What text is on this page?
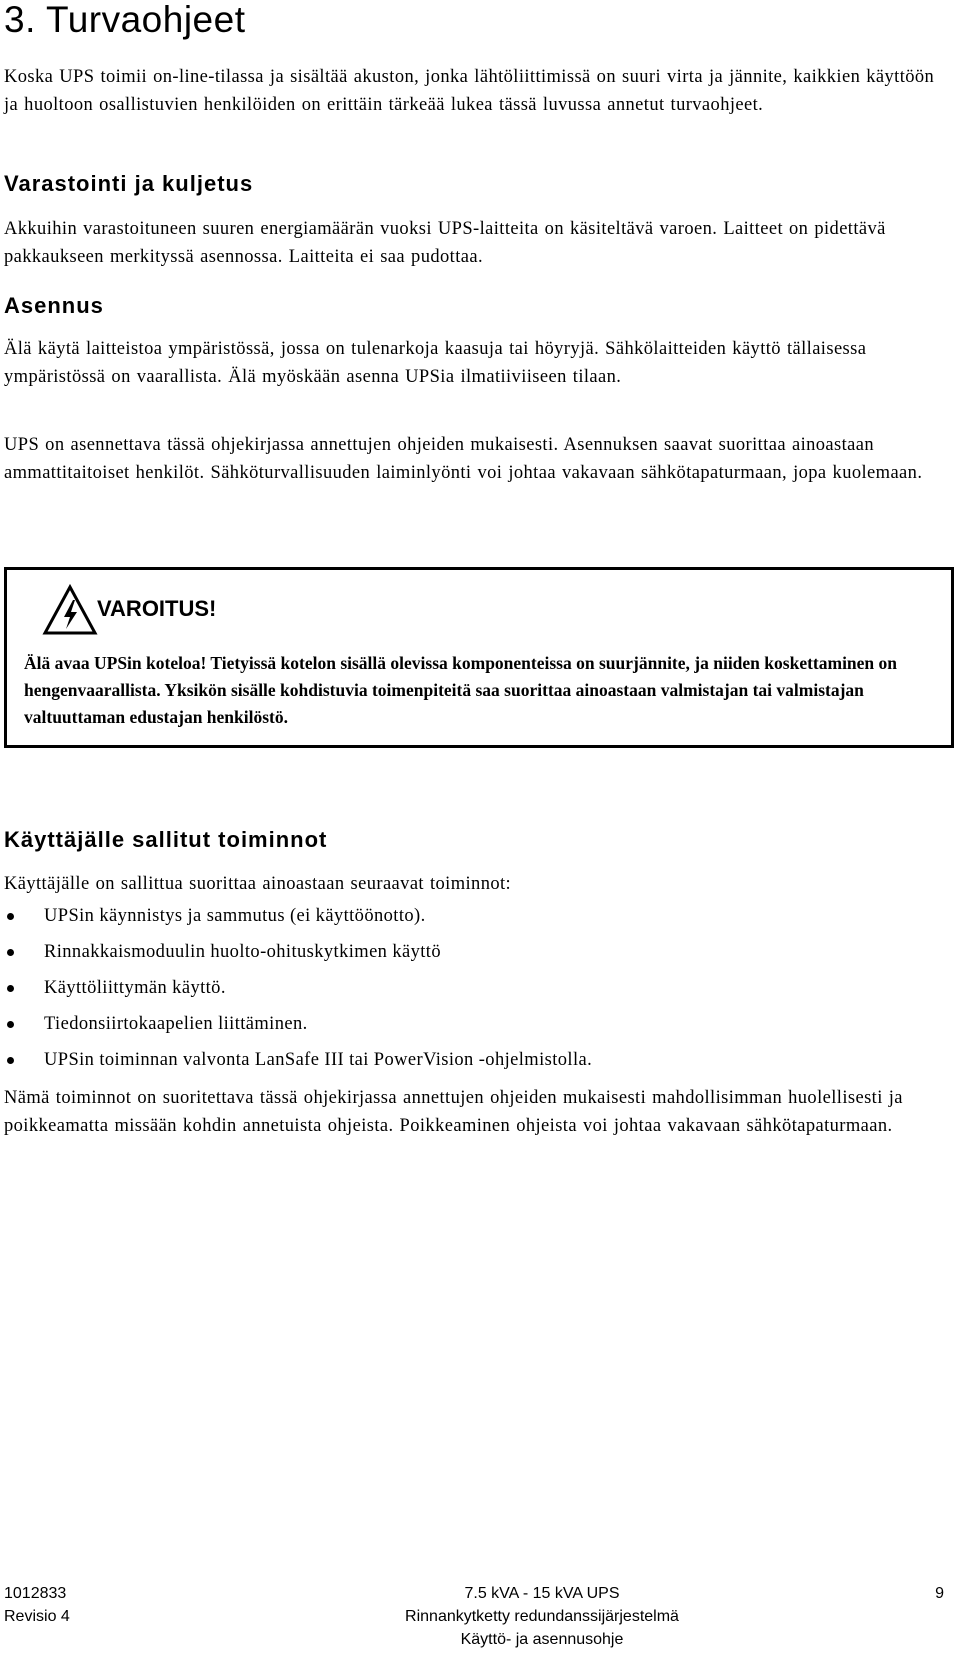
3. Turvaohjeet

Koska UPS toimii on-line-tilassa ja sisältää akuston, jonka lähtöliittimissä on suuri virta ja jännite, kaikkien käyttöön ja huoltoon osallistuvien henkilöiden on erittäin tärkeää lukea tässä luvussa annetut turvaohjeet.

Varastointi ja kuljetus

Akkuihin varastoituneen suuren energiamäärän vuoksi UPS-laitteita on käsiteltävä varoen. Laitteet on pidettävä pakkaukseen merkityssä asennossa. Laitteita ei saa pudottaa.

Asennus

Älä käytä laitteistoa ympäristössä, jossa on tulenarkoja kaasuja tai höyryjä. Sähkölaitteiden käyttö tällaisessa ympäristössä on vaarallista. Älä myöskään asenna UPSia ilmatiiviiseen tilaan.

UPS on asennettava tässä ohjekirjassa annettujen ohjeiden mukaisesti. Asennuksen saavat suorittaa ainoastaan ammattitaitoiset henkilöt. Sähköturvallisuuden laiminlyönti voi johtaa vakavaan sähkötapaturmaan, jopa kuolemaan.

VAROITUS!

Älä avaa UPSin koteloa! Tietyissä kotelon sisällä olevissa komponenteissa on suurjännite, ja niiden koskettaminen on hengenvaarallista. Yksikön sisälle kohdistuvia toimenpiteitä saa suorittaa ainoastaan valmistajan tai valmistajan valtuuttaman edustajan henkilöstö.

Käyttäjälle sallitut toiminnot

Käyttäjälle on sallittua suorittaa ainoastaan seuraavat toiminnot:

UPSin käynnistys ja sammutus (ei käyttöönotto).
Rinnakkaismoduulin huolto-ohituskytkimen käyttö
Käyttöliittymän käyttö.
Tiedonsiirtokaapelien liittäminen.
UPSin toiminnan valvonta LanSafe III tai PowerVision -ohjelmistolla.

Nämä toiminnot on suoritettava tässä ohjekirjassa annettujen ohjeiden mukaisesti mahdollisimman huolellisesti ja poikkeamatta missään kohdin annetuista ohjeista. Poikkeaminen ohjeista voi johtaa vakavaan sähkötapaturmaan.

1012833
Revisio 4
7.5 kVA - 15 kVA UPS
Rinnankytketty redundanssijärjestelmä
Käyttö- ja asennusohje
9
